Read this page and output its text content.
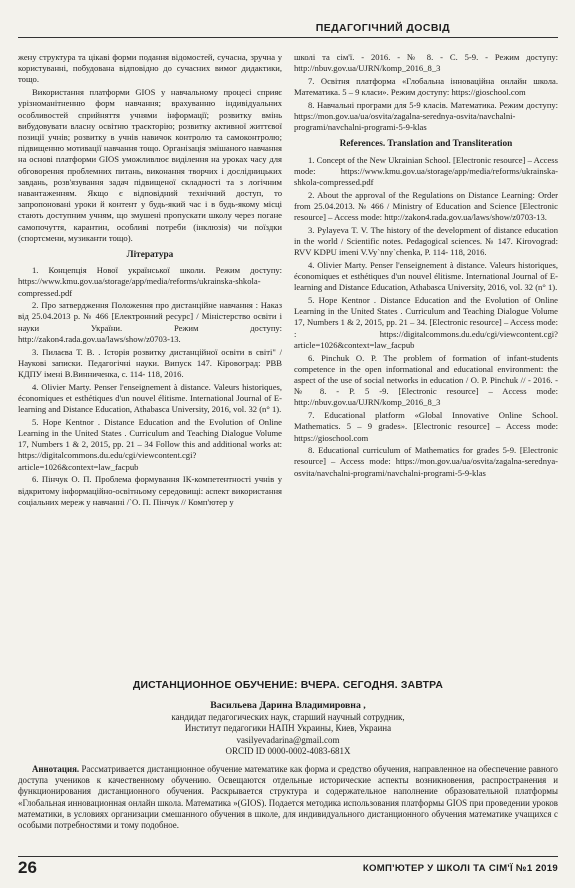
ПЕДАГОГІЧНИЙ ДОСВІД

жену структура та цікаві форми подання відомостей, сучасна, зручна у користуванні, побудована відповідно до сучасних вимог дидактики, тощо.

Використання платформи GIOS у навчальному процесі сприяє урізноманітненню форм навчання; врахуванню індивідуальних особливостей сприйняття учнями інформації; розвитку вмінь вибудовувати власну освітню траєкторію; розвитку активної життєвої позиції учнів; розвитку в учнів навичок контролю та самоконтролю; підвищенню мотивації навчання тощо. Організація змішаного навчання на основі платформи GIOS уможливлює виділення на уроках часу для обговорення проблемних питань, виконання творчих і дослідницьких завдань, розв'язування задач підвищеної складності та з логічним навантаженням. Якщо є відповідний технічний доступ, то запропоновані уроки й контент у будь-який час і в будь-якому місці стають доступним учням, що змушені пропускати школу через погане самопочуття, карантин, особливі потреби (інклюзія) чи поїздки (спортсмени, музиканти тощо).

Література

1. Концепція Нової української школи. Режим доступу: https://www.kmu.gov.ua/storage/app/media/reforms/ukrainska-shkola-compressed.pdf

2. Про затвердження Положення про дистанційне навчання : Наказ від 25.04.2013 р. № 466 [Електронний ресурс] / Міністерство освіти і науки України. Режим доступу: http://zakon4.rada.gov.ua/laws/show/z0703-13.

3. Пилаєва Т. В. . Історія розвитку дистанційної освіти в світі" / Наукові записки. Педагогічні науки. Випуск 147. Кіровоград: РВВ КДПУ імені В.Винниченка, с. 114- 118, 2016.

4. Olivier Marty. Penser l'enseignement à distance. Valeurs historiques, économiques et esthétiques d'un nouvel élitisme. International Journal of E-learning and Distance Education, Athabasca University, 2016, vol. 32 (n° 1).

5. Hope Kentnor . Distance Education and the Evolution of Online Learning in the United States . Curriculum and Teaching Dialogue Volume 17, Numbers 1 & 2, 2015, pp. 21 – 34 Follow this and additional works at: https://digitalcommons.du.edu/cgi/viewcontent.cgi?article=1026&context=law_facpub

6. Пінчук О. П. Проблема формування ІК-компетентності учнів у відкритому інформаційно-освітньому середовищі: аспект використання соціальних мереж у навчанні /`О. П. Пінчук // Комп'ютер у

школі та сім'ї. - 2016. - № 8. - С. 5-9. - Режим доступу: http://nbuv.gov.ua/UJRN/komp_2016_8_3

7. Освітня платформа «Глобальна інноваційна онлайн школа. Математика. 5 – 9 класи». Режим доступу: https://gioschool.com

8. Навчальні програми для 5-9 класів. Математика. Режим доступу: https://mon.gov.ua/ua/osvita/zagalna-serednya-osvita/navchalni-programi/navchalni-programi-5-9-klas

References. Translation and Transliteration

1. Concept of the New Ukrainian School. [Electronic resource] – Access mode: https://www.kmu.gov.ua/storage/app/media/reforms/ukrainska-shkola-compressed.pdf

2. About the approval of the Regulations on Distance Learning: Order from 25.04.2013. № 466 / Ministry of Education and Science [Electronic resource] – Access mode: http://zakon4.rada.gov.ua/laws/show/z0703-13.

3. Pylayeva T. V. The history of the development of distance education in the world / Scientific notes. Pedagogical sciences. № 147. Kirovograd: RVV KDPU imeni V.Vy`nny`chenka, P. 114- 118, 2016.

4. Olivier Marty. Penser l'enseignement à distance. Valeurs historiques, économiques et esthétiques d'un nouvel élitisme. International Journal of E-learning and Distance Education, Athabasca University, 2016, vol. 32 (n° 1).

5. Hope Kentnor . Distance Education and the Evolution of Online Learning in the United States . Curriculum and Teaching Dialogue Volume 17, Numbers 1 & 2, 2015, pp. 21 – 34. [Electronic resource] – Access mode: : https://digitalcommons.du.edu/cgi/viewcontent.cgi?article=1026&context=law_facpub

6. Pinchuk O. P. The problem of formation of infant-students competence in the open informational and educational environment: the aspect of the use of social networks in education / O. P. Pinchuk // - 2016. - № 8. - P. 5 -9. [Electronic resource] – Access mode: http://nbuv.gov.ua/UJRN/komp_2016_8_3

7. Educational platform «Global Innovative Online School. Mathematics. 5 – 9 grades». [Electronic resource] – Access mode: https://gioschool.com

8. Educational curriculum of Mathematics for grades 5-9. [Electronic resource] – Access mode: https://mon.gov.ua/ua/osvita/zagalna-serednya-osvita/navchalni-programi/navchalni-programi-5-9-klas

ДИСТАНЦИОННОЕ ОБУЧЕНИЕ: ВЧЕРА. СЕГОДНЯ. ЗАВТРА
Васильева Дарина Владимировна ,
кандидат педагогических наук, старший научный сотрудник,
Институт педагогики НАПН Украины, Киев, Украина
vasilyevadarina@gmail.com
ORCID ID 0000-0002-4083-681X

Аннотация. Рассматривается дистанционное обучение математике как форма и средство обучения, направленное на обеспечение равного доступа учеников к качественному обучению. Освещаются отдельные исторические аспекты возникновения, распространения и функционирования дистанционного обучения. Раскрывается структура и содержательное наполнение образовательной платформы «Глобальная инновационная онлайн школа. Математика »(GIOS). Подается методика использования платформы GIOS при проведении уроков математики, в условиях организации смешанного обучения в школе, для индивидуального дистанционного обучения математике учащихся с особыми потребностями и тому подобное.

26	КОМП'ЮТЕР У ШКОЛІ ТА СІМ'Ї №1 2019
